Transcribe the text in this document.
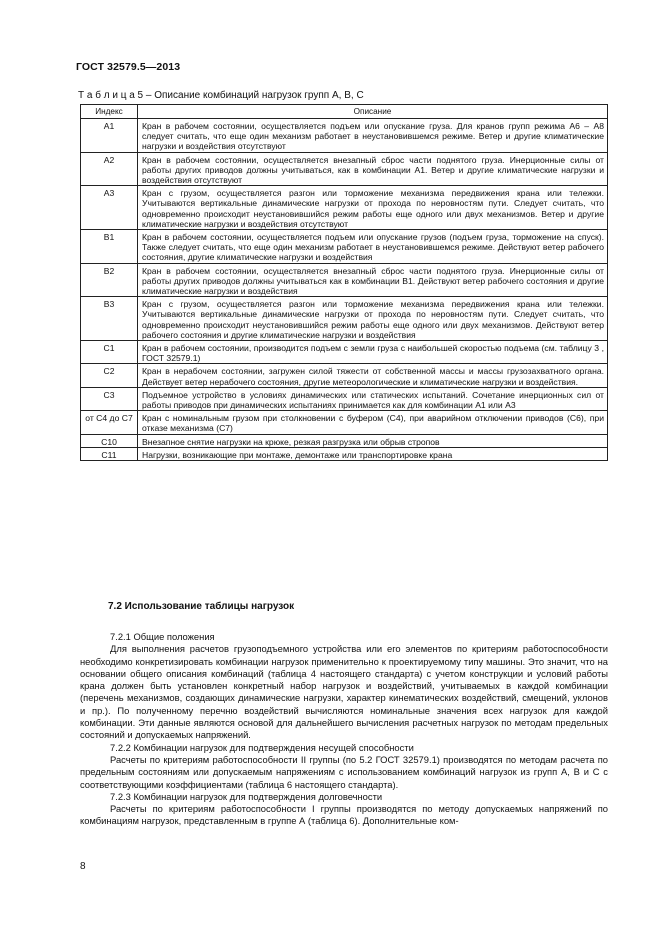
ГОСТ 32579.5—2013
Т а б л и ц а 5 – Описание комбинаций нагрузок групп А, В, С
Индекс	Описание
А1	Кран в рабочем состоянии, осуществляется подъем или опускание груза. Для кранов групп режима А6 – А8 следует считать, что еще один механизм работает в неустановившемся режиме. Ветер и другие климатические нагрузки и воздействия отсутствуют
А2	Кран в рабочем состоянии, осуществляется внезапный сброс части поднятого груза. Инерционные силы от работы других приводов должны учитываться, как в комбинации А1. Ветер и другие климатические нагрузки и воздействия отсутствуют
А3	Кран с грузом, осуществляется разгон или торможение механизма передвижения крана или тележки. Учитываются вертикальные динамические нагрузки от прохода по неровностям пути. Следует считать, что одновременно происходит неустановившийся режим работы еще одного или двух механизмов. Ветер и другие климатические нагрузки и воздействия отсутствуют
В1	Кран в рабочем состоянии, осуществляется подъем или опускание грузов (подъем груза, торможение на спуск). Также следует считать, что еще один механизм работает в неустановившемся режиме. Действуют ветер рабочего состояния, другие климатические нагрузки и воздействия
В2	Кран в рабочем состоянии, осуществляется внезапный сброс части поднятого груза. Инерционные силы от работы других приводов должны учитываться как в комбинации В1. Действуют ветер рабочего состояния и другие климатические нагрузки и воздействия
В3	Кран с грузом, осуществляется разгон или торможение механизма передвижения крана или тележки. Учитываются вертикальные динамические нагрузки от прохода по неровностям пути. Следует считать, что одновременно происходит неустановившийся режим работы еще одного или двух механизмов. Действуют ветер рабочего состояния и другие климатические нагрузки и воздействия
С1	Кран в рабочем состоянии, производится подъем с земли груза с наибольшей скоростью подъема (см. таблицу 3 , ГОСТ 32579.1)
С2	Кран в нерабочем состоянии, загружен силой тяжести от собственной массы и массы грузозахватного органа. Действует ветер нерабочего состояния, другие метеорологические и климатические нагрузки и воздействия.
С3	Подъемное устройство в условиях динамических или статических испытаний. Сочетание инерционных сил от работы приводов при динамических испытаниях принимается как для комбинации А1 или А3
от С4 до С7	Кран с номинальным грузом при столкновении с буфером (С4), при аварийном отключении приводов (С6), при отказе механизма (С7)
С10	Внезапное снятие нагрузки на крюке, резкая разгрузка или обрыв стропов
С11	Нагрузки, возникающие при монтаже, демонтаже или транспортировке крана
7.2 Использование таблицы нагрузок

7.2.1 Общие положения

Для выполнения расчетов грузоподъемного устройства или его элементов по критериям работоспособности необходимо конкретизировать комбинации нагрузок применительно к проектируемому типу машины. Это значит, что на основании общего описания комбинаций (таблица 4 настоящего стандарта) с учетом конструкции и условий работы крана должен быть установлен конкретный набор нагрузок и воздействий, учитываемых в каждой комбинации (перечень механизмов, создающих динамические нагрузки, характер кинематических воздействий, смещений, уклонов и пр.). По полученному перечню воздействий вычисляются номинальные значения всех нагрузок для каждой комбинации. Эти данные являются основой для дальнейшего вычисления расчетных нагрузок по методам предельных состояний и допускаемых напряжений.

7.2.2 Комбинации нагрузок для подтверждения несущей способности

Расчеты по критериям работоспособности II группы (по 5.2 ГОСТ 32579.1) производятся по методам расчета по предельным состояниям или допускаемым напряжениям с использованием комбинаций нагрузок из групп А, В и С с соответствующими коэффициентами (таблица 6 настоящего стандарта).

7.2.3 Комбинации нагрузок для подтверждения долговечности

Расчеты по критериям работоспособности I группы производятся по методу допускаемых напряжений по комбинациям нагрузок, представленным в группе А (таблица 6). Дополнительные ком-

8
